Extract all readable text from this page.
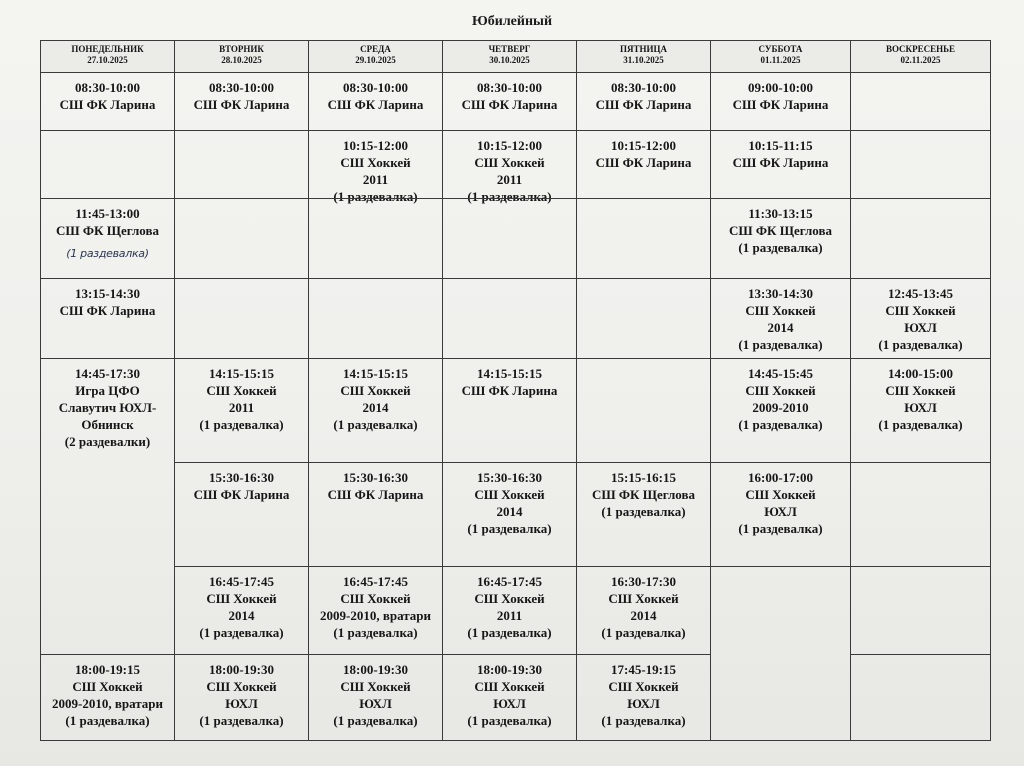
Юбилейный
ПОНЕДЕЛЬНИК
27.10.2025
ВТОРНИК
28.10.2025
СРЕДА
29.10.2025
ЧЕТВЕРГ
30.10.2025
ПЯТНИЦА
31.10.2025
СУББОТА
01.11.2025
ВОСКРЕСЕНЬЕ
02.11.2025
08:30-10:00
СШ ФК Ларина
08:30-10:00
СШ ФК Ларина
08:30-10:00
СШ ФК Ларина
08:30-10:00
СШ ФК Ларина
08:30-10:00
СШ ФК Ларина
09:00-10:00
СШ ФК Ларина
10:15-12:00
СШ Хоккей
2011
(1 раздевалка)
10:15-12:00
СШ Хоккей
2011
(1 раздевалка)
10:15-12:00
СШ ФК Ларина
10:15-11:15
СШ ФК Ларина
11:45-13:00
СШ ФК Щеглова
(1 раздевалка)
11:30-13:15
СШ ФК Щеглова
(1 раздевалка)
13:15-14:30
СШ ФК Ларина
13:30-14:30
СШ Хоккей
2014
(1 раздевалка)
12:45-13:45
СШ Хоккей
ЮХЛ
(1 раздевалка)
14:45-17:30
Игра ЦФО
Славутич ЮХЛ-
Обнинск
(2 раздевалки)
14:15-15:15
СШ Хоккей
2011
(1 раздевалка)
14:15-15:15
СШ Хоккей
2014
(1 раздевалка)
14:15-15:15
СШ ФК Ларина
14:45-15:45
СШ Хоккей
2009-2010
(1 раздевалка)
14:00-15:00
СШ Хоккей
ЮХЛ
(1 раздевалка)
15:30-16:30
СШ ФК Ларина
15:30-16:30
СШ ФК Ларина
15:30-16:30
СШ Хоккей
2014
(1 раздевалка)
15:15-16:15
СШ ФК Щеглова
(1 раздевалка)
16:00-17:00
СШ Хоккей
ЮХЛ
(1 раздевалка)
16:45-17:45
СШ Хоккей
2014
(1 раздевалка)
16:45-17:45
СШ Хоккей
2009-2010, вратари
(1 раздевалка)
16:45-17:45
СШ Хоккей
2011
(1 раздевалка)
16:30-17:30
СШ Хоккей
2014
(1 раздевалка)
18:00-19:15
СШ Хоккей
2009-2010, вратари
(1 раздевалка)
18:00-19:30
СШ Хоккей
ЮХЛ
(1 раздевалка)
18:00-19:30
СШ Хоккей
ЮХЛ
(1 раздевалка)
18:00-19:30
СШ Хоккей
ЮХЛ
(1 раздевалка)
17:45-19:15
СШ Хоккей
ЮХЛ
(1 раздевалка)
